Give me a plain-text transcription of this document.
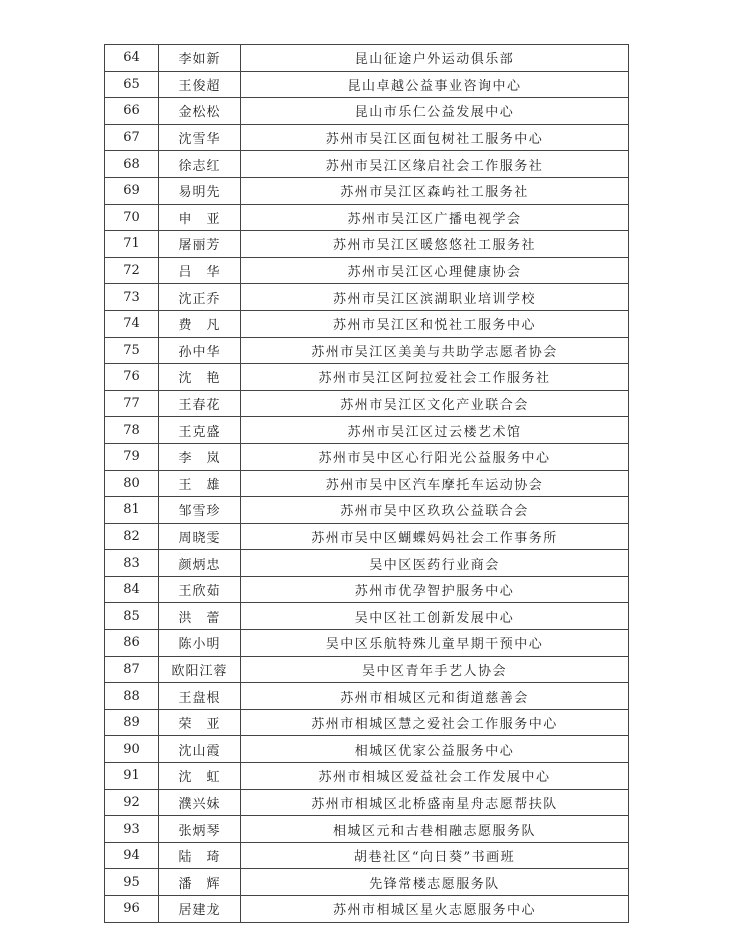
64	李如新	昆山征途户外运动俱乐部
65	王俊超	昆山卓越公益事业咨询中心
66	金松松	昆山市乐仁公益发展中心
67	沈雪华	苏州市吴江区面包树社工服务中心
68	徐志红	苏州市吴江区缘启社会工作服务社
69	易明先	苏州市吴江区森屿社工服务社
70	申　亚	苏州市吴江区广播电视学会
71	屠丽芳	苏州市吴江区暖悠悠社工服务社
72	吕　华	苏州市吴江区心理健康协会
73	沈正乔	苏州市吴江区滨湖职业培训学校
74	费　凡	苏州市吴江区和悦社工服务中心
75	孙中华	苏州市吴江区美美与共助学志愿者协会
76	沈　艳	苏州市吴江区阿拉爱社会工作服务社
77	王春花	苏州市吴江区文化产业联合会
78	王克盛	苏州市吴江区过云楼艺术馆
79	李　岚	苏州市吴中区心行阳光公益服务中心
80	王　雄	苏州市吴中区汽车摩托车运动协会
81	邹雪珍	苏州市吴中区玖玖公益联合会
82	周晓雯	苏州市吴中区蝴蝶妈妈社会工作事务所
83	颜炳忠	吴中区医药行业商会
84	王欣茹	苏州市优孕智护服务中心
85	洪　蕾	吴中区社工创新发展中心
86	陈小明	吴中区乐航特殊儿童早期干预中心
87	欧阳江蓉	吴中区青年手艺人协会
88	王盘根	苏州市相城区元和街道慈善会
89	荣　亚	苏州市相城区慧之爱社会工作服务中心
90	沈山霞	相城区优家公益服务中心
91	沈　虹	苏州市相城区爱益社会工作发展中心
92	濮兴妹	苏州市相城区北桥盛南星舟志愿帮扶队
93	张炳琴	相城区元和古巷相融志愿服务队
94	陆　琦	胡巷社区“向日葵”书画班
95	潘　辉	先锋常楼志愿服务队
96	居建龙	苏州市相城区星火志愿服务中心
